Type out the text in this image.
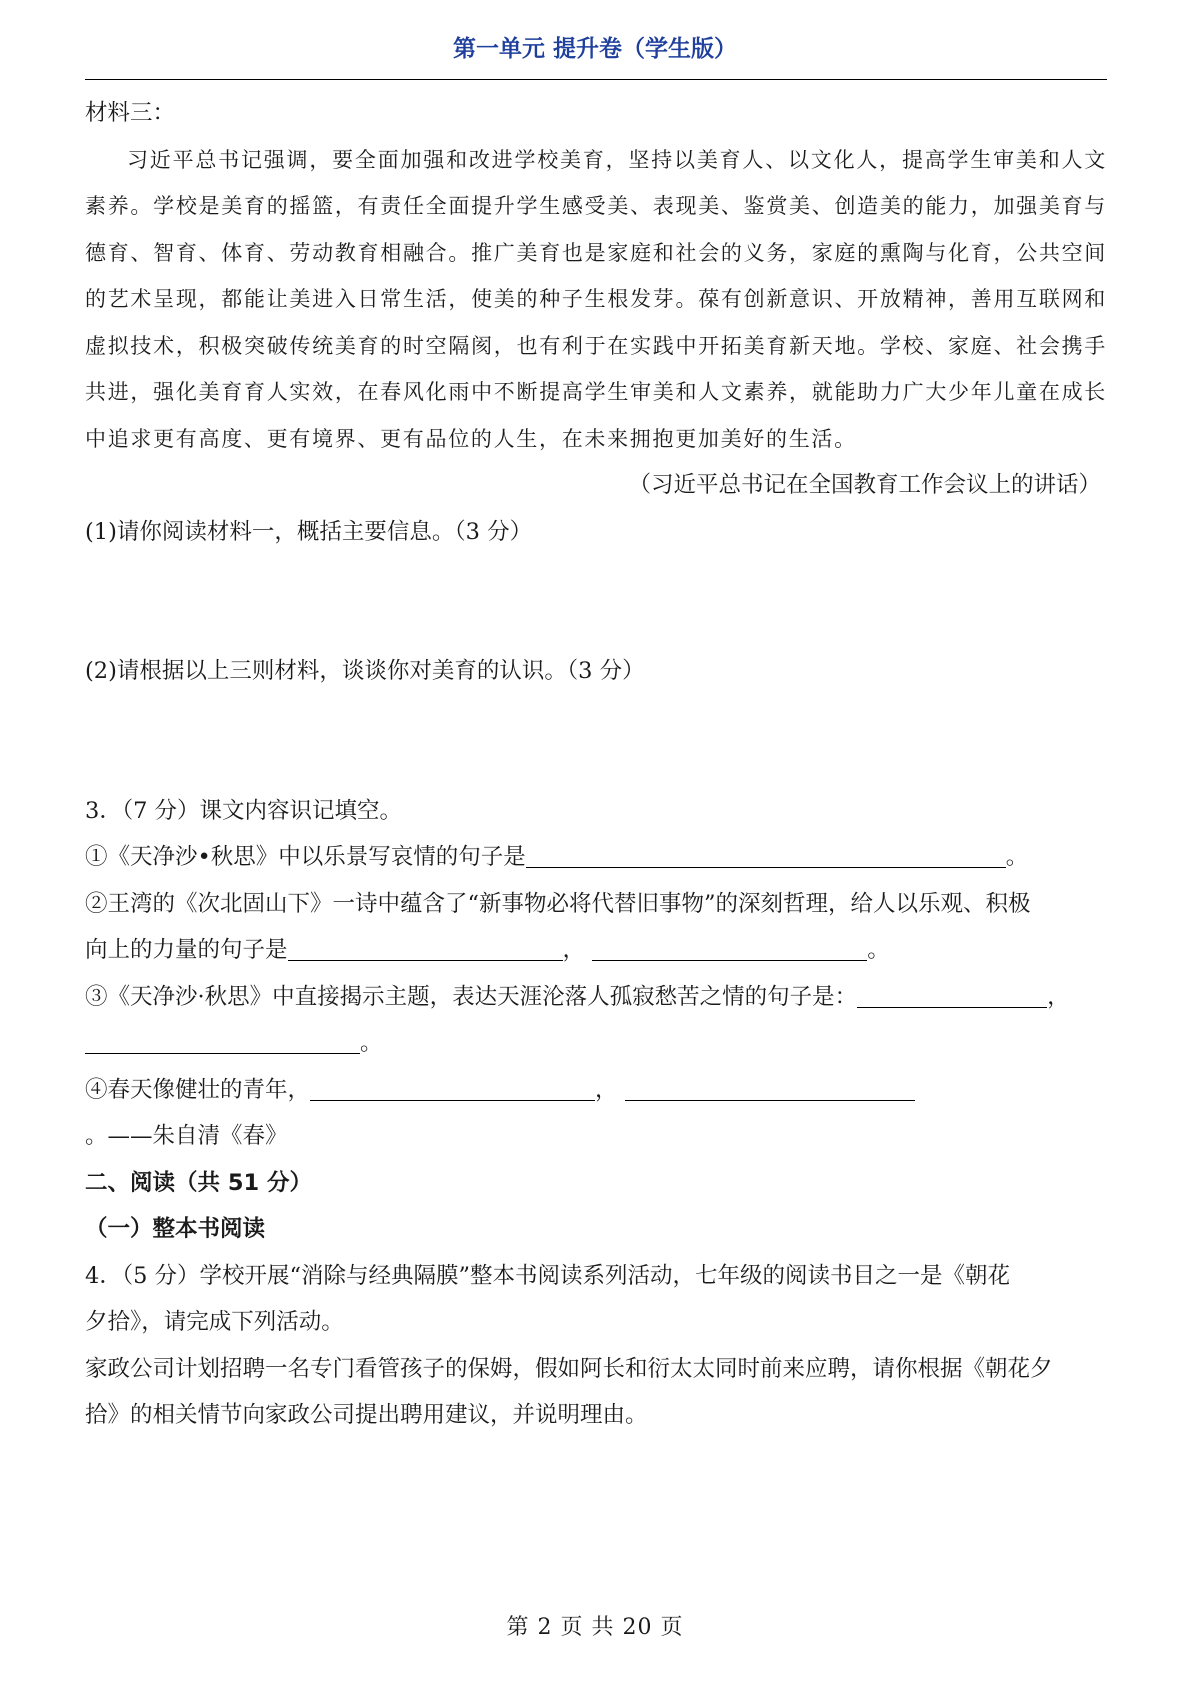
第一单元 提升卷（学生版）

材料三：

习近平总书记强调，要全面加强和改进学校美育，坚持以美育人、以文化人，提高学生审美和人文素养。学校是美育的摇篮，有责任全面提升学生感受美、表现美、鉴赏美、创造美的能力，加强美育与德育、智育、体育、劳动教育相融合。推广美育也是家庭和社会的义务，家庭的熏陶与化育，公共空间的艺术呈现，都能让美进入日常生活，使美的种子生根发芽。葆有创新意识、开放精神，善用互联网和虚拟技术，积极突破传统美育的时空隔阂，也有利于在实践中开拓美育新天地。学校、家庭、社会携手共进，强化美育育人实效，在春风化雨中不断提高学生审美和人文素养，就能助力广大少年儿童在成长中追求更有高度、更有境界、更有品位的人生，在未来拥抱更加美好的生活。

（习近平总书记在全国教育工作会议上的讲话）

(1)请你阅读材料一，概括主要信息。（3 分）

(2)请根据以上三则材料，谈谈你对美育的认识。（3 分）

3．（7 分）课文内容识记填空。

①《天净沙•秋思》中以乐景写哀情的句子是	。

②王湾的《次北固山下》一诗中蕴含了“新事物必将代替旧事物”的深刻哲理，给人以乐观、积极

向上的力量的句子是	，	。

③《天净沙·秋思》中直接揭示主题，表达天涯沦落人孤寂愁苦之情的句子是：	，

。

④春天像健壮的青年，	， 。——朱自清《春》

二、阅读（共 51 分）

（一）整本书阅读

4．（5 分）学校开展“消除与经典隔膜”整本书阅读系列活动，七年级的阅读书目之一是《朝花

夕拾》，请完成下列活动。

家政公司计划招聘一名专门看管孩子的保姆，假如阿长和衍太太同时前来应聘，请你根据《朝花夕

拾》的相关情节向家政公司提出聘用建议，并说明理由。

第 2 页 共 20 页
